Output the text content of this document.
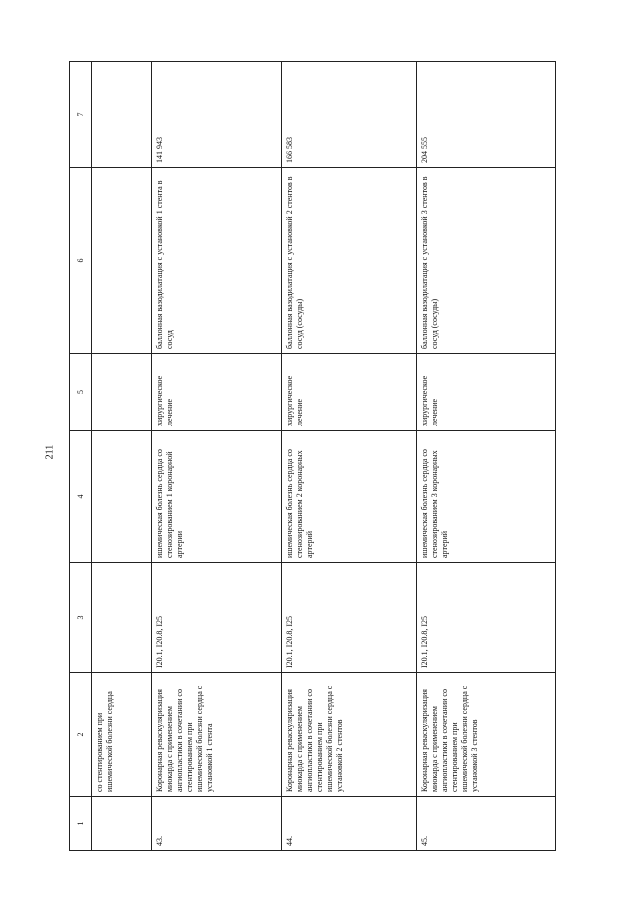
211
1	2	3	4	5	6	7
	со стентированием при ишемической болезни сердца					
43.	Коронарная реваскуляризация миокарда с применением ангиопластики в сочетании со стентированием при ишемической болезни сердца с установкой 1 стента	I20.1, I20.8, I25	ишемическая болезнь сердца со стенозированием 1 коронарной артерии	хирургическое лечение	баллонная вазодилатация с установкой 1 стента в сосуд	141 943
44.	Коронарная реваскуляризация миокарда с применением ангиопластики в сочетании со стентированием при ишемической болезни сердца с установкой 2 стентов	I20.1, I20.8, I25	ишемическая болезнь сердца со стенозированием 2 коронарных артерий	хирургическое лечение	баллонная вазодилатация с установкой 2 стентов в сосуд (сосуды)	166 583
45.	Коронарная реваскуляризация миокарда с применением ангиопластики в сочетании со стентированием при ишемической болезни сердца с установкой 3 стентов	I20.1, I20.8, I25	ишемическая болезнь сердца со стенозированием 3 коронарных артерий	хирургическое лечение	баллонная вазодилатация с установкой 3 стентов в сосуд (сосуды)	204 555
